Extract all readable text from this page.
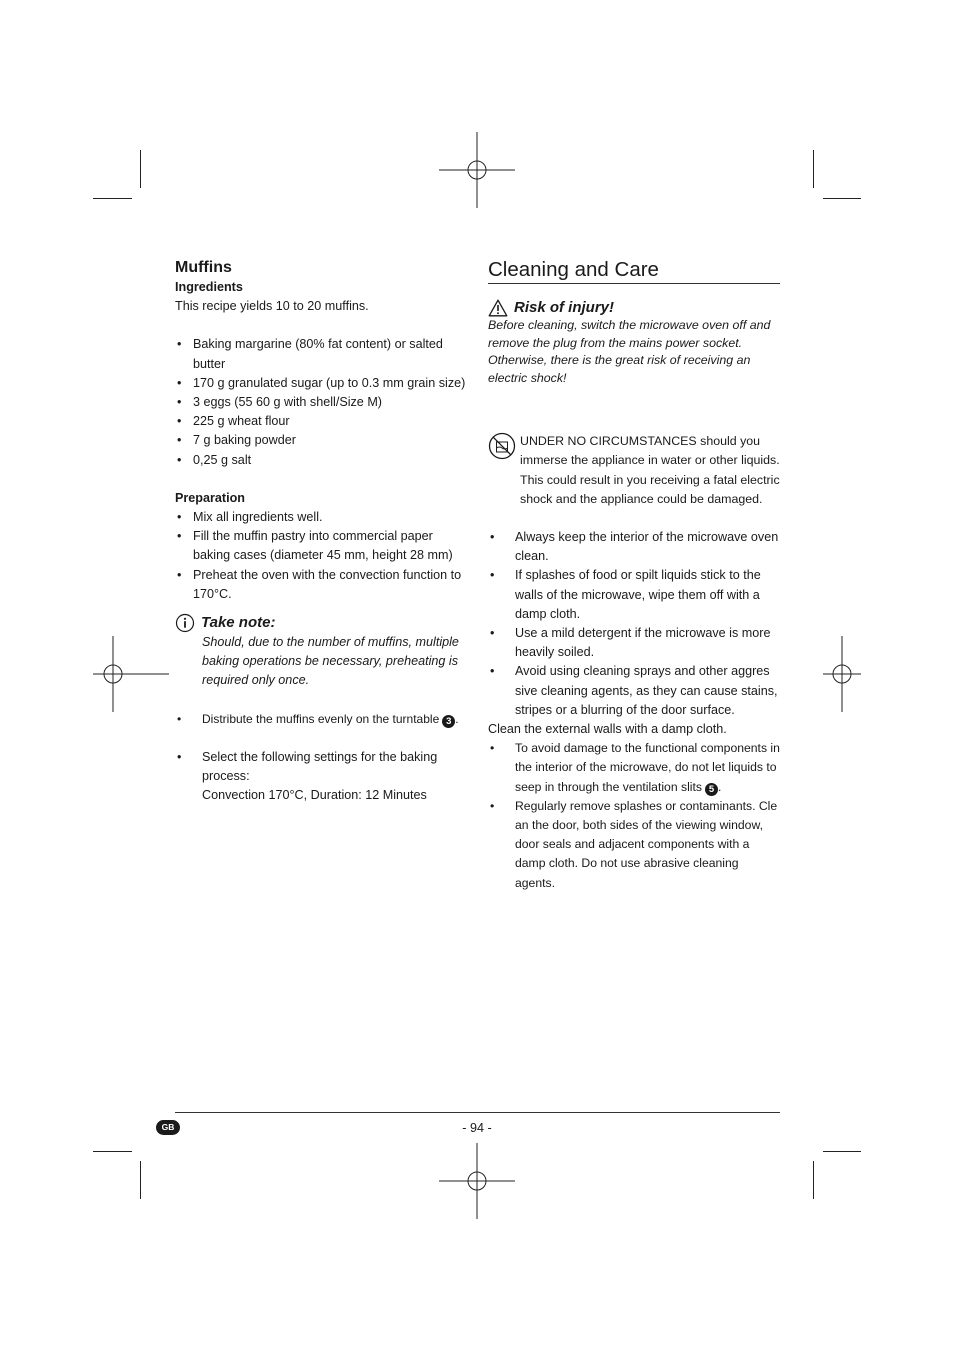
Muffins
Ingredients
This recipe yields 10 to 20 muffins.
• Baking margarine (80% fat content) or salted butter
• 170 g granulated sugar (up to 0.3 mm grain size)
• 3 eggs (55 60 g with shell/Size M)
• 225 g wheat flour
• 7 g baking powder
• 0,25 g salt
Preparation
• Mix all ingredients well.
• Fill the muffin pastry into commercial paper baking cases (diameter 45 mm, height 28 mm)
• Preheat the oven with the convection function to 170°C.
Take note:
Should, due to the number of muffins, multiple baking operations be necessary, preheating is required only once.
• Distribute the muffins evenly on the turntable 3 .
• Select the following settings for the baking process:
Convection 170°C, Duration: 12 Minutes
Cleaning and Care
Risk of injury!
Before cleaning, switch the microwave oven off and remove the plug from the mains power socket. Otherwise, there is the great risk of receiving an electric shock!
UNDER NO CIRCUMSTANCES should you immerse the appliance in water or other liquids. This could result in you receiving a fatal electric shock and the appliance could be damaged.
• Always keep the interior of the microwave oven clean.
• If splashes of food or spilt liquids stick to the walls of the microwave, wipe them off with a damp cloth.
• Use a mild detergent if the microwave is more heavily soiled.
• Avoid using cleaning sprays and other aggres sive cleaning agents, as they can cause stains, stripes or a blurring of the door surface.
Clean the external walls with a damp cloth.
• To avoid damage to the functional components in the interior of the microwave, do not let liquids to seep in through the ventilation slits 5 .
• Regularly remove splashes or contaminants. Cle an the door, both sides of the viewing window, door seals and adjacent components with a damp cloth. Do not use abrasive cleaning agents.
GB	- 94 -
